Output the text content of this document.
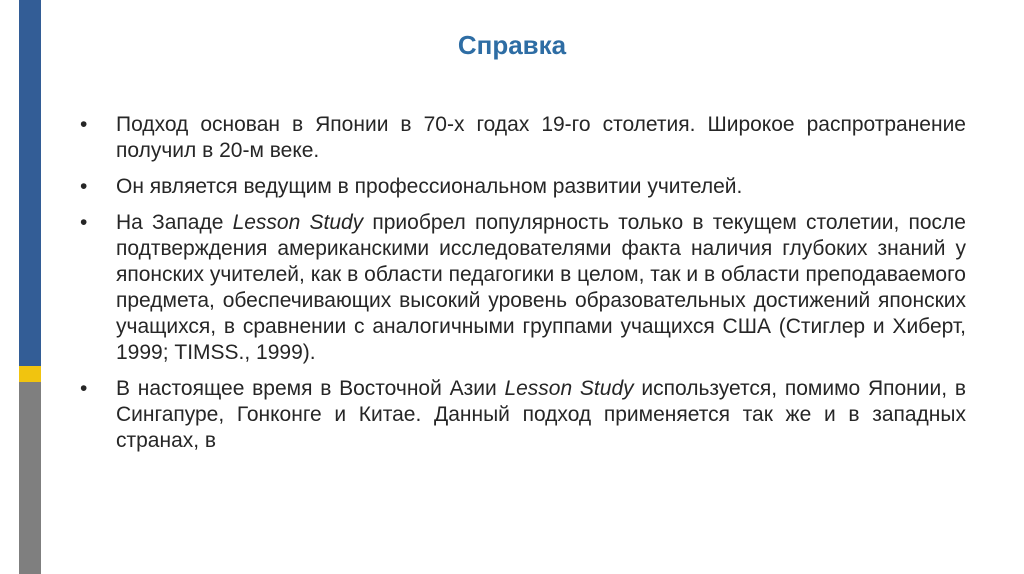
Справка
•	Подход основан в Японии в 70-х годах 19-го столетия. Широкое распротранение получил в 20-м веке.
•	Он является ведущим в профессиональном развитии учителей.
•	На Западе Lesson Study приобрел популярность только в текущем столетии, после подтверждения американскими исследователями факта наличия глубоких знаний у японских учителей, как в области педагогики в целом, так и в области преподаваемого предмета, обеспечивающих высокий уровень образовательных достижений японских учащихся, в сравнении с аналогичными группами учащихся США (Стиглер и Хиберт, 1999; TIMSS., 1999).
•	В настоящее время в Восточной Азии Lesson Study используется, помимо Японии, в Сингапуре, Гонконге и Китае. Данный подход применяется так же и в западных странах, в
